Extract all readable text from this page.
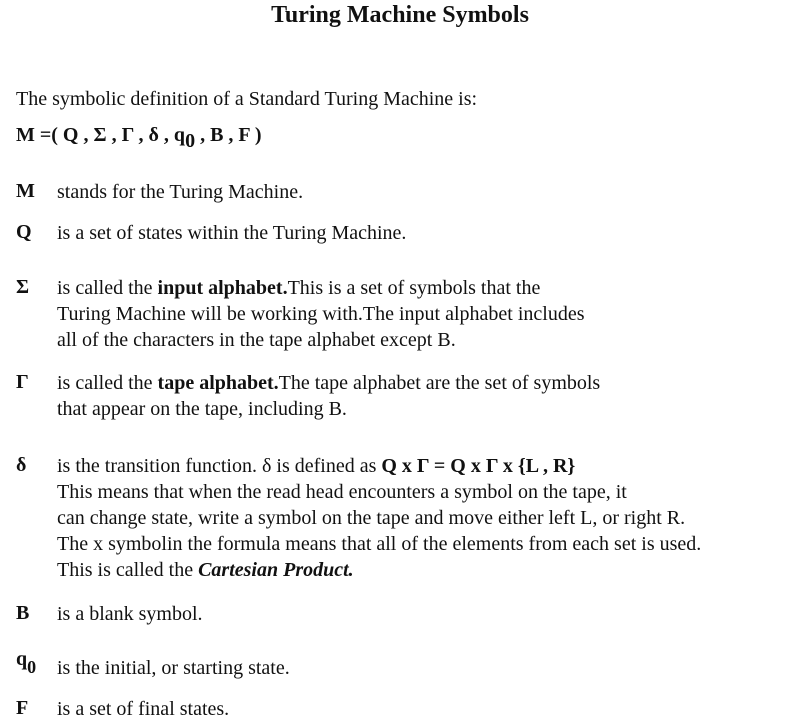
Turing Machine Symbols
The symbolic definition of a Standard Turing Machine is:
M =( Q , Σ , Γ , δ , $q_0$ , B , F )
M stands for the Turing Machine.
Q is a set of states within the Turing Machine.
Σ is called the input alphabet.This is a set of symbols that the
Turing Machine will be working with.The input alphabet includes
all of the characters in the tape alphabet except B.
Γ is called the tape alphabet.The tape alphabet are the set of symbols
that appear on the tape, including B.
δ is the transition function. δ is defined as Q x Γ = Q x Γ x {L , R}
This means that when the read head encounters a symbol on the tape, it
can change state, write a symbol on the tape and move either left L, or right R.
The x symbolin the formula means that all of the elements from each set is used.
This is called the Cartesian Product.
B is a blank symbol.
$q_0$ is the initial, or starting state.
F is a set of final states.
